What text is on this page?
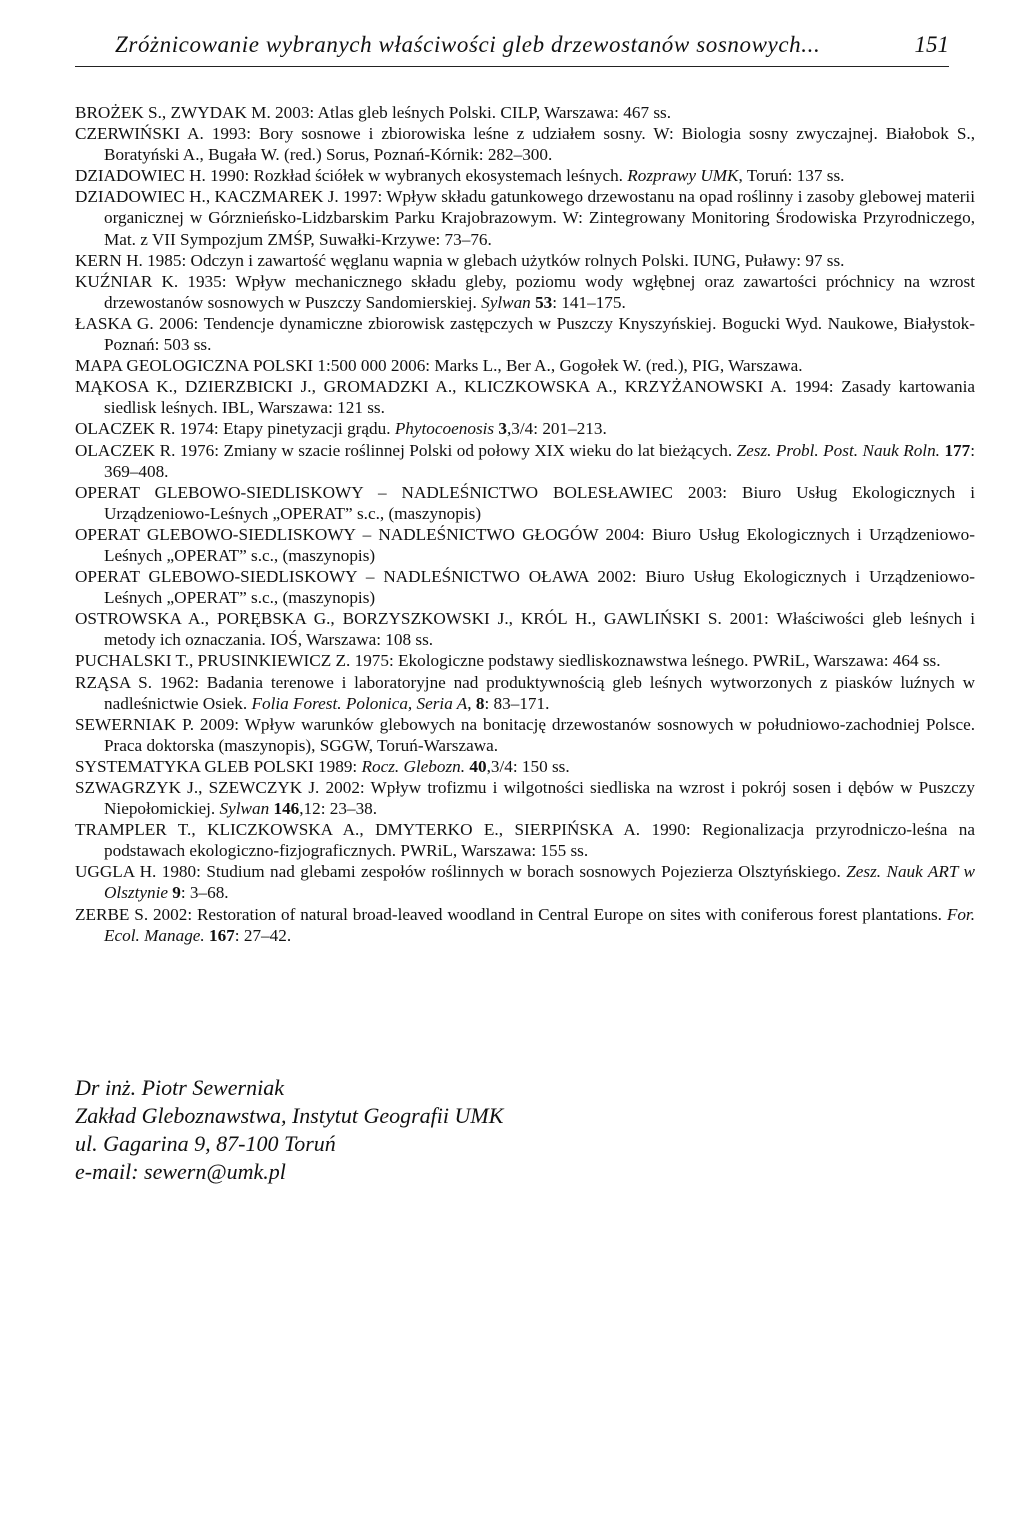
Zróżnicowanie wybranych właściwości gleb drzewostanów sosnowych...	151

BROŻEK S., ZWYDAK M. 2003: Atlas gleb leśnych Polski. CILP, Warszawa: 467 ss.

CZERWIŃSKI A. 1993: Bory sosnowe i zbiorowiska leśne z udziałem sosny. W: Biologia sosny zwyczajnej. Białobok S., Boratyński A., Bugała W. (red.) Sorus, Poznań-Kórnik: 282–300.

DZIADOWIEC H. 1990: Rozkład ściółek w wybranych ekosystemach leśnych. Rozprawy UMK, Toruń: 137 ss.

DZIADOWIEC H., KACZMAREK J. 1997: Wpływ składu gatunkowego drzewostanu na opad roślinny i zasoby glebowej materii organicznej w Górznieńsko-Lidzbarskim Parku Krajobrazowym. W: Zintegrowany Monitoring Środowiska Przyrodniczego, Mat. z VII Sympozjum ZMŚP, Suwałki-Krzywe: 73–76.

KERN H. 1985: Odczyn i zawartość węglanu wapnia w glebach użytków rolnych Polski. IUNG, Puławy: 97 ss.

KUŹNIAR K. 1935: Wpływ mechanicznego składu gleby, poziomu wody wgłębnej oraz zawartości próchnicy na wzrost drzewostanów sosnowych w Puszczy Sandomierskiej. Sylwan 53: 141–175.

ŁASKA G. 2006: Tendencje dynamiczne zbiorowisk zastępczych w Puszczy Knyszyńskiej. Bogucki Wyd. Naukowe, Białystok-Poznań: 503 ss.

MAPA GEOLOGICZNA POLSKI 1:500 000 2006: Marks L., Ber A., Gogołek W. (red.), PIG, Warszawa.

MĄKOSA K., DZIERZBICKI J., GROMADZKI A., KLICZKOWSKA A., KRZYŻANOWSKI A. 1994: Zasady kartowania siedlisk leśnych. IBL, Warszawa: 121 ss.

OLACZEK R. 1974: Etapy pinetyzacji grądu. Phytocoenosis 3,3/4: 201–213.

OLACZEK R. 1976: Zmiany w szacie roślinnej Polski od połowy XIX wieku do lat bieżących. Zesz. Probl. Post. Nauk Roln. 177: 369–408.

OPERAT GLEBOWO-SIEDLISKOWY – NADLEŚNICTWO BOLESŁAWIEC 2003: Biuro Usług Ekologicznych i Urządzeniowo-Leśnych „OPERAT” s.c., (maszynopis)

OPERAT GLEBOWO-SIEDLISKOWY – NADLEŚNICTWO GŁOGÓW 2004: Biuro Usług Ekologicznych i Urządzeniowo-Leśnych „OPERAT” s.c., (maszynopis)

OPERAT GLEBOWO-SIEDLISKOWY – NADLEŚNICTWO OŁAWA 2002: Biuro Usług Ekologicznych i Urządzeniowo-Leśnych „OPERAT” s.c., (maszynopis)

OSTROWSKA A., PORĘBSKA G., BORZYSZKOWSKI J., KRÓL H., GAWLIŃSKI S. 2001: Właściwości gleb leśnych i metody ich oznaczania. IOŚ, Warszawa: 108 ss.

PUCHALSKI T., PRUSINKIEWICZ Z. 1975: Ekologiczne podstawy siedliskoznawstwa leśnego. PWRiL, Warszawa: 464 ss.

RZĄSA S. 1962: Badania terenowe i laboratoryjne nad produktywnością gleb leśnych wytworzonych z piasków luźnych w nadleśnictwie Osiek. Folia Forest. Polonica, Seria A, 8: 83–171.

SEWERNIAK P. 2009: Wpływ warunków glebowych na bonitację drzewostanów sosnowych w południowo-zachodniej Polsce. Praca doktorska (maszynopis), SGGW, Toruń-Warszawa.

SYSTEMATYKA GLEB POLSKI 1989: Rocz. Glebozn. 40,3/4: 150 ss.

SZWAGRZYK J., SZEWCZYK J. 2002: Wpływ trofizmu i wilgotności siedliska na wzrost i pokrój sosen i dębów w Puszczy Niepołomickiej. Sylwan 146,12: 23–38.

TRAMPLER T., KLICZKOWSKA A., DMYTERKO E., SIERPIŃSKA A. 1990: Regionalizacja przyrodniczo-leśna na podstawach ekologiczno-fizjograficznych. PWRiL, Warszawa: 155 ss.

UGGLA H. 1980: Studium nad glebami zespołów roślinnych w borach sosnowych Pojezierza Olsztyńskiego. Zesz. Nauk ART w Olsztynie 9: 3–68.

ZERBE S. 2002: Restoration of natural broad-leaved woodland in Central Europe on sites with coniferous forest plantations. For. Ecol. Manage. 167: 27–42.

Dr inż. Piotr Sewerniak
Zakład Gleboznawstwa, Instytut Geografii UMK
ul. Gagarina 9, 87-100 Toruń
e-mail: sewern@umk.pl
